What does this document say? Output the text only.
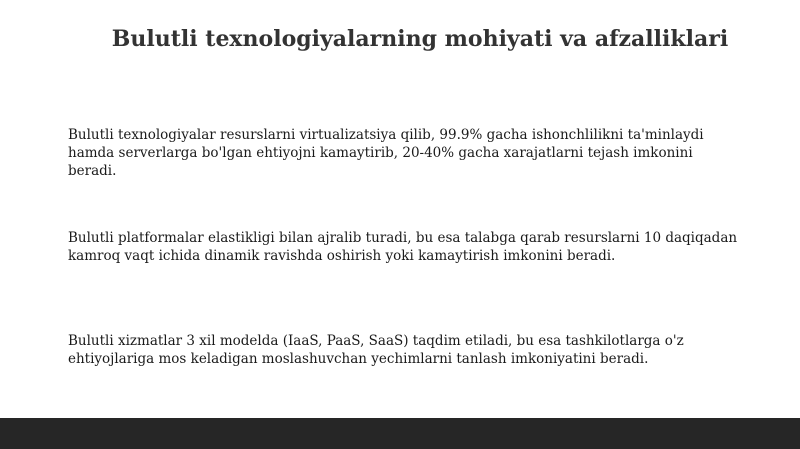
Bulutli texnologiyalarning mohiyati va afzalliklari

Bulutli texnologiyalar resurslarni virtualizatsiya qilib, 99.9% gacha ishonchlilikni ta'minlaydi hamda serverlarga bo'lgan ehtiyojni kamaytirib, 20-40% gacha xarajatlarni tejash imkonini beradi.

Bulutli platformalar elastikligi bilan ajralib turadi, bu esa talabga qarab resurslarni 10 daqiqadan kamroq vaqt ichida dinamik ravishda oshirish yoki kamaytirish imkonini beradi.

Bulutli xizmatlar 3 xil modelda (IaaS, PaaS, SaaS) taqdim etiladi, bu esa tashkilotlarga o'z ehtiyojlariga mos keladigan moslashuvchan yechimlarni tanlash imkoniyatini beradi.
